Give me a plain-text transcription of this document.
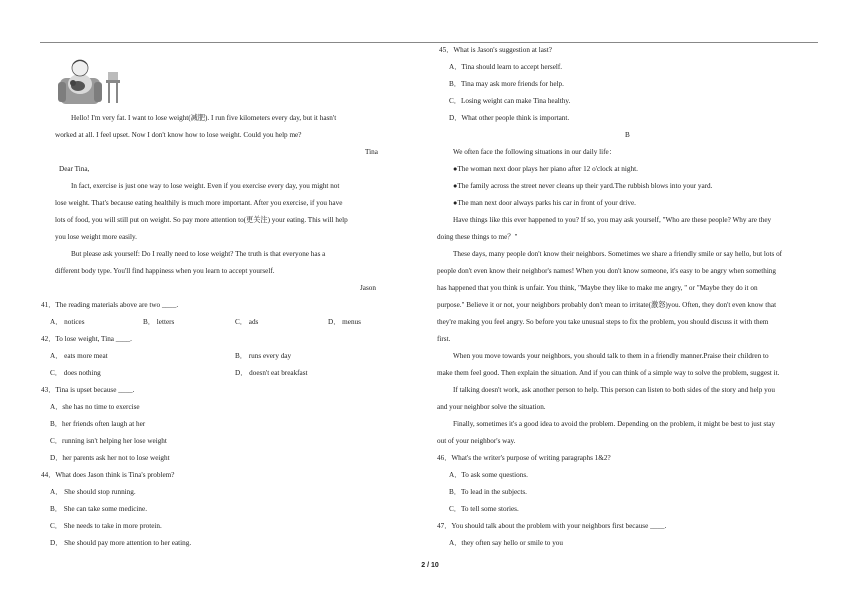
2 / 10
Hello! I'm very fat. I want to lose weight(减肥). I run five kilometers every day, but it hasn't
worked at all. I feel upset. Now I don't know how to lose weight. Could you help me?
Tina
Dear Tina,
In fact, exercise is just one way to lose weight. Even if you exercise every day, you might not
lose weight. That's because eating healthily is much more important. After you exercise, if you have
lots of food, you will still put on weight. So pay more attention to(更关注) your eating. This will help
you lose weight more easily.
But please ask yourself: Do I really need to lose weight? The truth is that everyone has a
different body type. You'll find happiness when you learn to accept yourself.
Jason
41．The reading materials above are two ____.
A． notices	B． letters	C． ads	D． menus
42．To lose weight, Tina ____.
A． eats more meat	B． runs every day
C． does nothing	D． doesn't eat breakfast
43．Tina is upset because ____.
A．she has no time to exercise
B．her friends often laugh at her
C．running isn't helping her lose weight
D．her parents ask her not to lose weight
44．What does Jason think is Tina's problem?
A． She should stop running.
B． She can take some medicine.
C． She needs to take in more protein.
D． She should pay more attention to her eating.
45．What is Jason's suggestion at last?
A．Tina should learn to accept herself.
B．Tina may ask more friends for help.
C．Losing weight can make Tina healthy.
D．What other people think is important.
B
We often face the following situations in our daily life：
●The woman next door plays her piano after 12 o'clock at night.
●The family across the street never cleans up their yard.The rubbish blows into your yard.
●The man next door always parks his car in front of your drive.
Have things like this ever happened to you? If so, you may ask yourself, "Who are these people? Why are they
doing these things to me？"
These days, many people don't know their neighbors. Sometimes we share a friendly smile or say hello, but lots of
people don't even know their neighbor's names! When you don't know someone, it's easy to be angry when something
has happened that you think is unfair. You think, "Maybe they like to make me angry, " or "Maybe they do it on
purpose." Believe it or not, your neighbors probably don't mean to irritate(激怒)you. Often, they don't even know that
they're making you feel angry. So before you take unusual steps to fix the problem, you should discuss it with them
first.
When you move towards your neighbors, you should talk to them in a friendly manner.Praise their children to
make them feel good. Then explain the situation. And if you can think of a simple way to solve the problem, suggest it.
If talking doesn't work, ask another person to help. This person can listen to both sides of the story and help you
and your neighbor solve the situation.
Finally, sometimes it's a good idea to avoid the problem. Depending on the problem, it might be best to just stay
out of your neighbor's way.
46．What's the writer's purpose of writing paragraphs 1&2?
A．To ask some questions.
B．To lead in the subjects.
C．To tell some stories.
47．You should talk about the problem with your neighbors first because ____.
A．they often say hello or smile to you
